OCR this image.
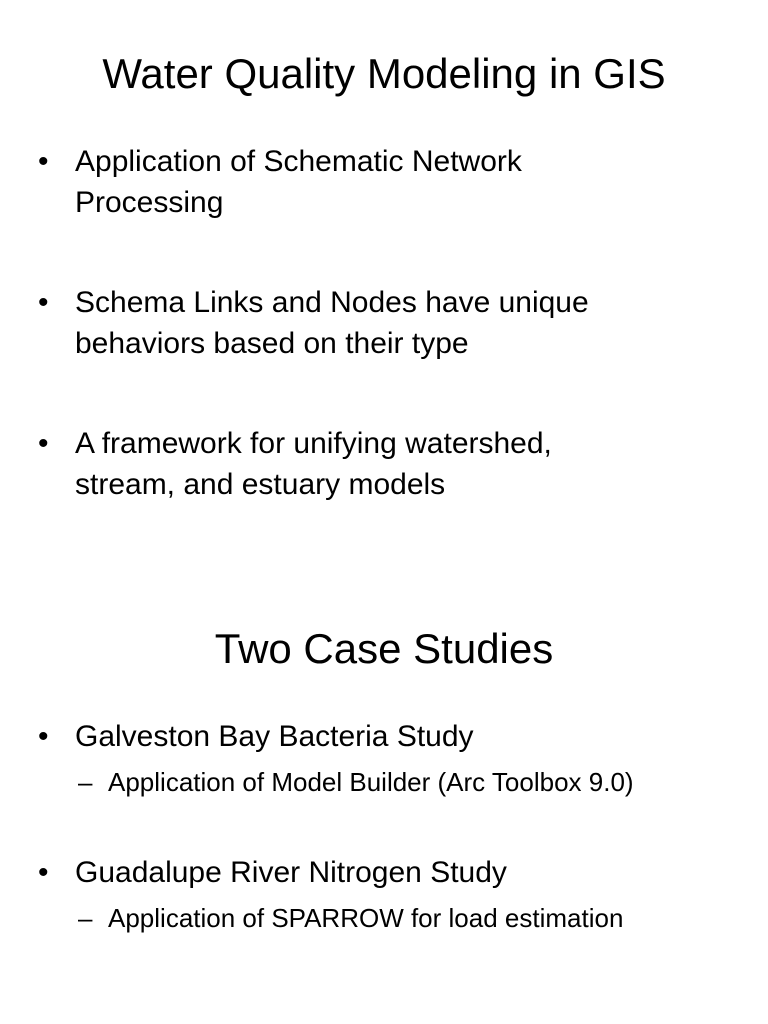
Water Quality Modeling in GIS
• Application of Schematic Network
Processing
• Schema Links and Nodes have unique
behaviors based on their type
• A framework for unifying watershed,
stream, and estuary models
Two Case Studies
• Galveston Bay Bacteria Study
– Application of Model Builder (Arc Toolbox 9.0)
• Guadalupe River Nitrogen Study
– Application of SPARROW for load estimation
